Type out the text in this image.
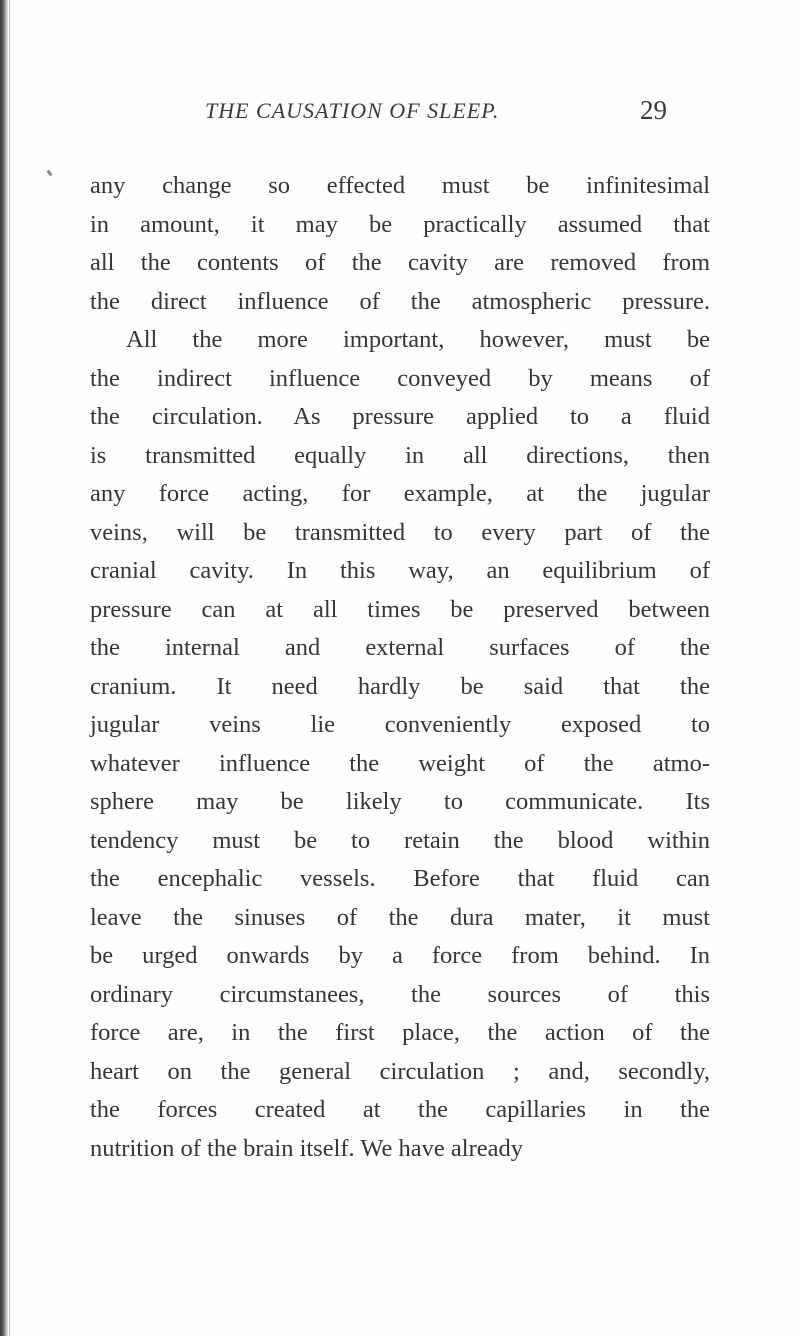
THE CAUSATION OF SLEEP.	29
any change so effected must be infinitesimal
in amount, it may be practically assumed that
all the contents of the cavity are removed from
the direct influence of the atmospheric pressure.
All the more important, however, must be
the indirect influence conveyed by means of
the circulation. As pressure applied to a fluid
is transmitted equally in all directions, then
any force acting, for example, at the jugular
veins, will be transmitted to every part of the
cranial cavity. In this way, an equilibrium of
pressure can at all times be preserved between
the internal and external surfaces of the
cranium. It need hardly be said that the
jugular veins lie conveniently exposed to
whatever influence the weight of the atmo-
sphere may be likely to communicate. Its
tendency must be to retain the blood within
the encephalic vessels. Before that fluid can
leave the sinuses of the dura mater, it must
be urged onwards by a force from behind. In
ordinary circumstanees, the sources of this
force are, in the first place, the action of the
heart on the general circulation ; and, secondly,
the forces created at the capillaries in the
nutrition of the brain itself. We have already
